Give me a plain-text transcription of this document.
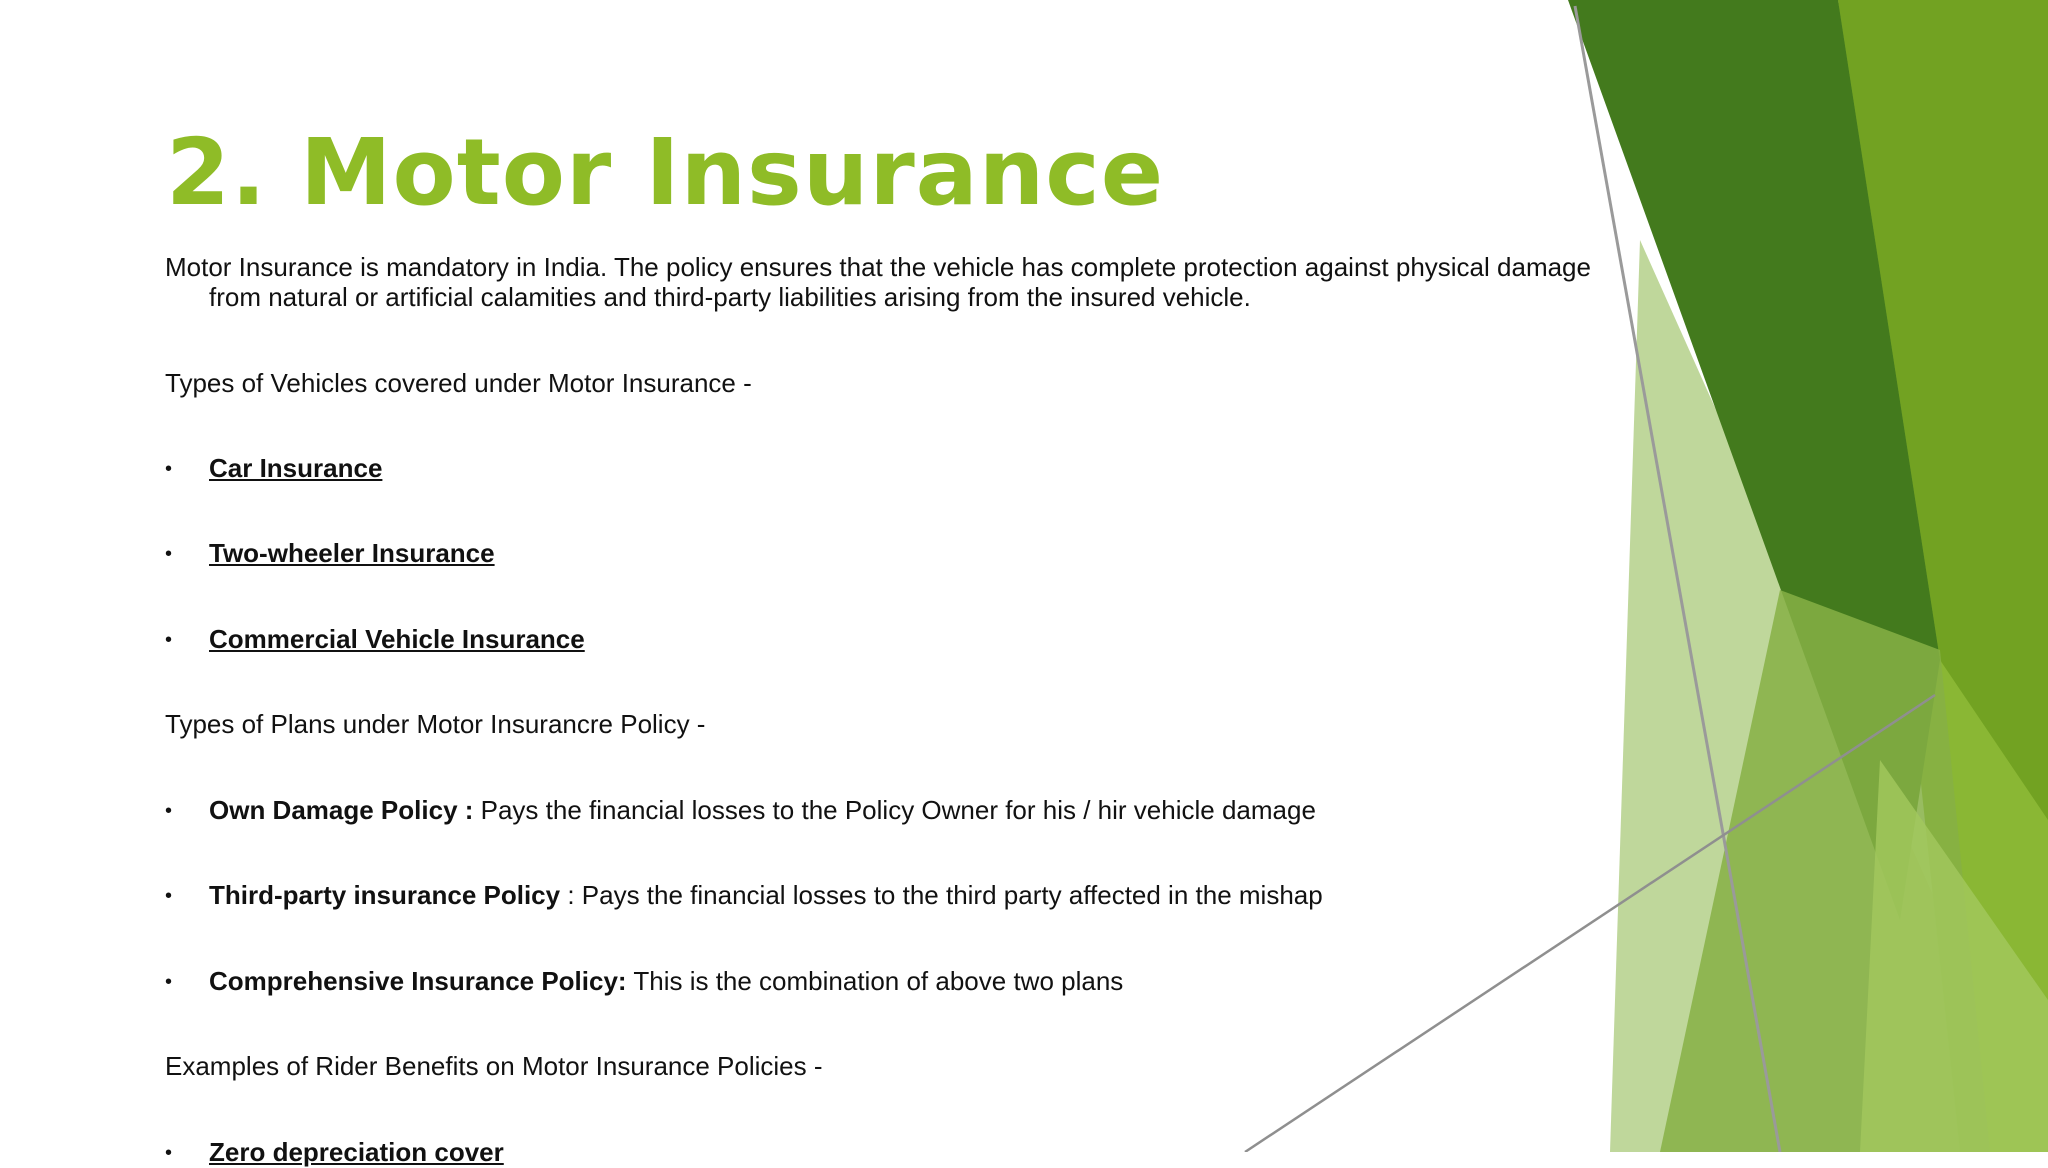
2. Motor Insurance
Motor Insurance is mandatory in India. The policy ensures that the vehicle has complete protection against physical damage from natural or artificial calamities and third-party liabilities arising from the insured vehicle.
Types of Vehicles covered under Motor Insurance -
• Car Insurance
• Two-wheeler Insurance
• Commercial Vehicle Insurance
Types of Plans under Motor Insurancre Policy -
• Own Damage Policy : Pays the financial losses to the Policy Owner for his / hir vehicle damage
• Third-party insurance Policy : Pays the financial losses to the third party affected in the mishap
• Comprehensive Insurance Policy: This is the combination of above two plans
Examples of Rider Benefits on Motor Insurance Policies -
• Zero depreciation cover
